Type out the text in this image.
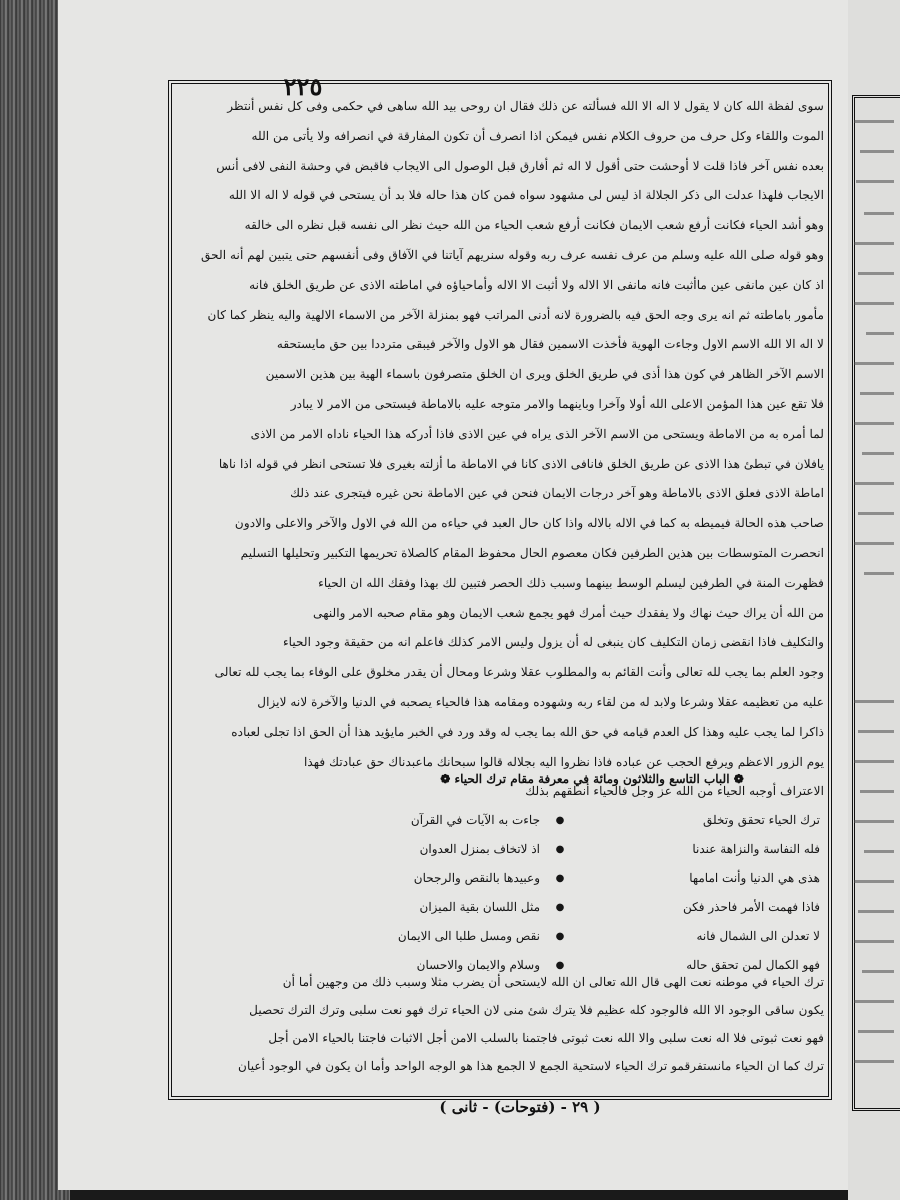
٢٢٥

سوى لفظة الله كان لا يقول لا اله الا الله فسألته عن ذلك فقال ان روحى بيد الله ساهى في حكمى وفى كل نفس أنتظر

الموت واللقاء وكل حرف من حروف الكلام نفس فيمكن اذا انصرف أن تكون المفارقة في انصرافه ولا يأتى من الله

بعده نفس آخر فاذا قلت لا أوحشت حتى أقول لا اله ثم أفارق قبل الوصول الى الايجاب فاقبض في وحشة النفى لافى أنس

الايجاب فلهذا عدلت الى ذكر الجلالة اذ ليس لى مشهود سواه فمن كان هذا حاله فلا بد أن يستحى في قوله لا اله الا الله

وهو أشد الحياء فكانت أرفع شعب الايمان فكانت أرفع شعب الحياء من الله حيث نظر الى نفسه قبل نظره الى خالقه

وهو قوله صلى الله عليه وسلم من عرف نفسه عرف ربه وقوله سنريهم آياتنا في الآفاق وفى أنفسهم حتى يتبين لهم أنه الحق

اذ كان عين مانفى عين ماأثبت فانه مانفى الا الاله ولا أثبت الا الاله وأماحياؤه في اماطته الاذى عن طريق الخلق فانه

مأمور باماطته ثم انه يرى وجه الحق فيه بالضرورة لانه أدنى المراتب فهو بمنزلة الآخر من الاسماء الالهية واليه ينظر كما كان

لا اله الا الله الاسم الاول وجاءت الهوية فأخذت الاسمين فقال هو الاول والآخر فيبقى مترددا بين حق مايستحقه

الاسم الآخر الظاهر في كون هذا أذى في طريق الخلق ويرى ان الخلق متصرفون باسماء الهية بين هذين الاسمين

فلا تقع عين هذا المؤمن الاعلى الله أولا وآخرا وباينهما والامر متوجه عليه بالاماطة فيستحى من الامر لا يبادر

لما أمره به من الاماطة ويستحى من الاسم الآخر الذى يراه في عين الاذى فاذا أدركه هذا الحياء ناداه الامر من الاذى

يافلان في تبطئ هذا الاذى عن طريق الخلق فانافى الاذى كانا في الاماطة ما أزلته بغيرى فلا تستحى انظر في قوله اذا ناها

اماطة الاذى فعلق الاذى بالاماطة وهو آخر درجات الايمان فنحن في عين الاماطة نحن غيره فيتجرى عند ذلك

صاحب هذه الحالة فيميطه به كما في الاله بالاله واذا كان حال العبد في حياءه من الله في الاول والآخر والاعلى والادون

انحصرت المتوسطات بين هذين الطرفين فكان معصوم الحال محفوظ المقام كالصلاة تحريمها التكبير وتحليلها التسليم

فظهرت المنة في الطرفين ليسلم الوسط بينهما وسبب ذلك الحصر فتبين لك بهذا وفقك الله ان الحياء

من الله أن يراك حيث نهاك ولا يفقدك حيث أمرك فهو يجمع شعب الايمان وهو مقام صحبه الامر والنهى

والتكليف فاذا انقضى زمان التكليف كان ينبغى له أن يزول وليس الامر كذلك فاعلم انه من حقيقة وجود الحياء

وجود العلم بما يجب لله تعالى وأنت القائم به والمطلوب عقلا وشرعا ومحال أن يقدر مخلوق على الوفاء بما يجب لله تعالى

عليه من تعظيمه عقلا وشرعا ولابد له من لقاء ربه وشهوده ومقامه هذا فالحياء يصحبه في الدنيا والآخرة لانه لايزال

ذاكرا لما يجب عليه وهذا كل العدم قيامه في حق الله بما يجب له وقد ورد في الخبر مايؤيد هذا أن الحق اذا تجلى لعباده

يوم الزور الاعظم ويرفع الحجب عن عباده فاذا نظروا اليه بجلاله قالوا سبحانك ماعبدناك حق عبادتك فهذا

الاعتراف أوجبه الحياء من الله عز وجل فالحياء أنطقهم بذلك

❁ الباب التاسع والثلاثون ومائة في معرفة مقام ترك الحياء ❁
ترك الحياء تحقق وتخلق
●
جاءت به الآيات في القرآن
فله النفاسة والنزاهة عندنا
●
اذ لاتخاف بمنزل العدوان
هذى هي الدنيا وأنت امامها
●
وعبيدها بالنقص والرجحان
فاذا فهمت الأمر فاحذر فكن
●
مثل اللسان بقية الميزان
لا تعدلن الى الشمال فانه
●
نقص ومسل طلبا الى الايمان
فهو الكمال لمن تحقق حاله
●
وسلام والايمان والاحسان

ترك الحياء في موطنه نعت الهى قال الله تعالى ان الله لايستحى أن يضرب مثلا وسبب ذلك من وجهين أما أن

يكون ساقى الوجود الا الله فالوجود كله عظيم فلا يترك شئ منى لان الحياء ترك فهو نعت سلبى وترك الترك تحصيل

فهو نعت ثبوتى فلا اله نعت سلبى والا الله نعت ثبوتى فاجتمنا بالسلب الامن أجل الاثبات فاجتنا بالحياء الامن أجل

ترك كما ان الحياء مانستفرقمو ترك الحياء لاستحية الجمع لا الجمع هذا هو الوجه الواحد وأما ان يكون في الوجود أعيان

( ٢٩ - (فتوحات) - ثانى )
